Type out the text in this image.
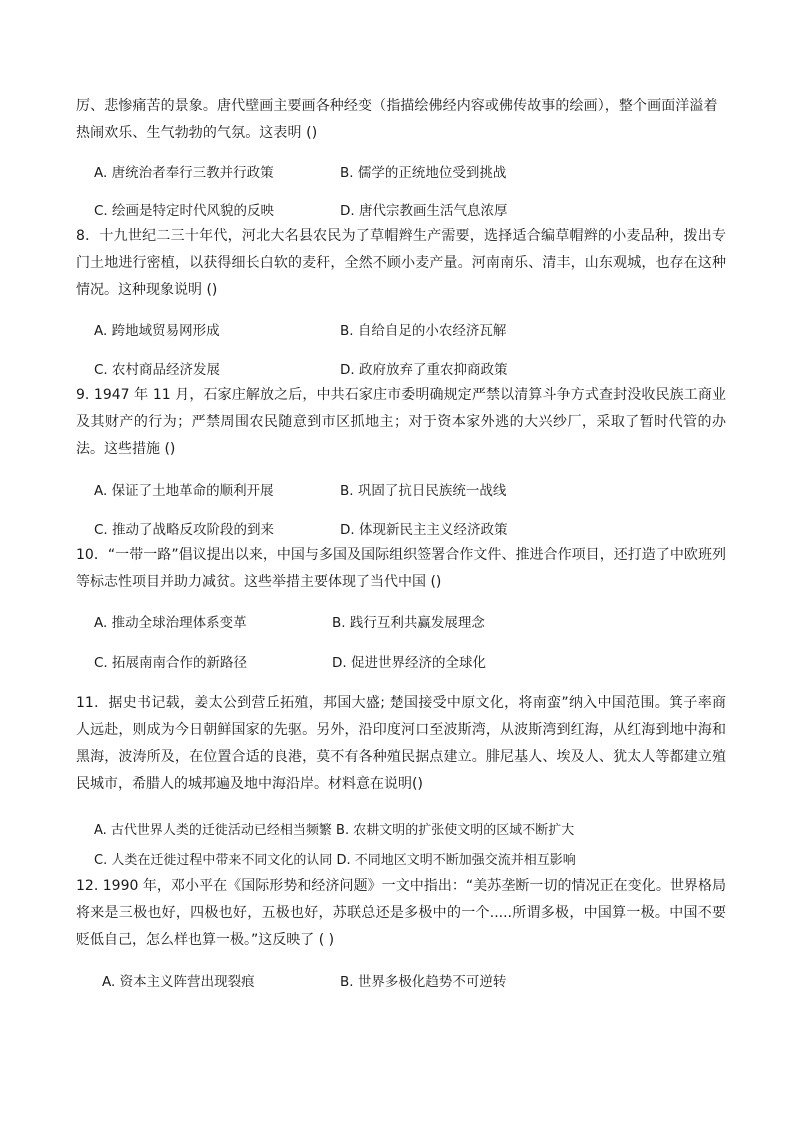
厉、悲惨痛苦的景象。唐代壁画主要画各种经变（指描绘佛经内容或佛传故事的绘画），整个画面洋溢着
热闹欢乐、生气勃勃的气氛。这表明 ()
A. 唐统治者奉行三教并行政策	B. 儒学的正统地位受到挑战
C. 绘画是特定时代风貌的反映	D. 唐代宗教画生活气息浓厚
8．十九世纪二三十年代，河北大名县农民为了草帽辫生产需要，选择适合编草帽辫的小麦品种，拨出专门土地进行密植，以获得细长白软的麦秆，全然不顾小麦产量。河南南乐、清丰，山东观城，也存在这种情况。这种现象说明 ()
A. 跨地域贸易网形成	B. 自给自足的小农经济瓦解
C. 农村商品经济发展	D. 政府放弃了重农抑商政策
9. 1947 年 11 月，石家庄解放之后，中共石家庄市委明确规定严禁以清算斗争方式查封没收民族工商业及其财产的行为；严禁周围农民随意到市区抓地主；对于资本家外逃的大兴纱厂，采取了暂时代管的办法。这些措施 ()
A. 保证了土地革命的顺利开展	B. 巩固了抗日民族统一战线
C. 推动了战略反攻阶段的到来	D. 体现新民主主义经济政策
10．“一带一路”倡议提出以来，中国与多国及国际组织签署合作文件、推进合作项目，还打造了中欧班列等标志性项目并助力减贫。这些举措主要体现了当代中国 ()
A. 推动全球治理体系变革	B. 践行互利共赢发展理念
C. 拓展南南合作的新路径	D. 促进世界经济的全球化
11．据史书记载，姜太公到营丘拓殖，邦国大盛; 楚国接受中原文化，将南蛮”纳入中国范围。箕子率商人远赴，则成为今日朝鲜国家的先驱。另外，沿印度河口至波斯湾，从波斯湾到红海，从红海到地中海和黑海，波涛所及，在位置合适的良港，莫不有各种殖民据点建立。腓尼基人、埃及人、犹太人等都建立殖民城市，希腊人的城邦遍及地中海沿岸。材料意在说明()
A. 古代世界人类的迁徙活动已经相当频繁 B. 农耕文明的扩张使文明的区域不断扩大
C. 人类在迁徙过程中带来不同文化的认同 D. 不同地区文明不断加强交流并相互影响
12. 1990 年，邓小平在《国际形势和经济问题》一文中指出：“美苏垄断一切的情况正在变化。世界格局将来是三极也好，四极也好，五极也好，苏联总还是多极中的一个.....所谓多极，中国算一极。中国不要贬低自己，怎么样也算一极。”这反映了 ( )
A. 资本主义阵营出现裂痕	B. 世界多极化趋势不可逆转
